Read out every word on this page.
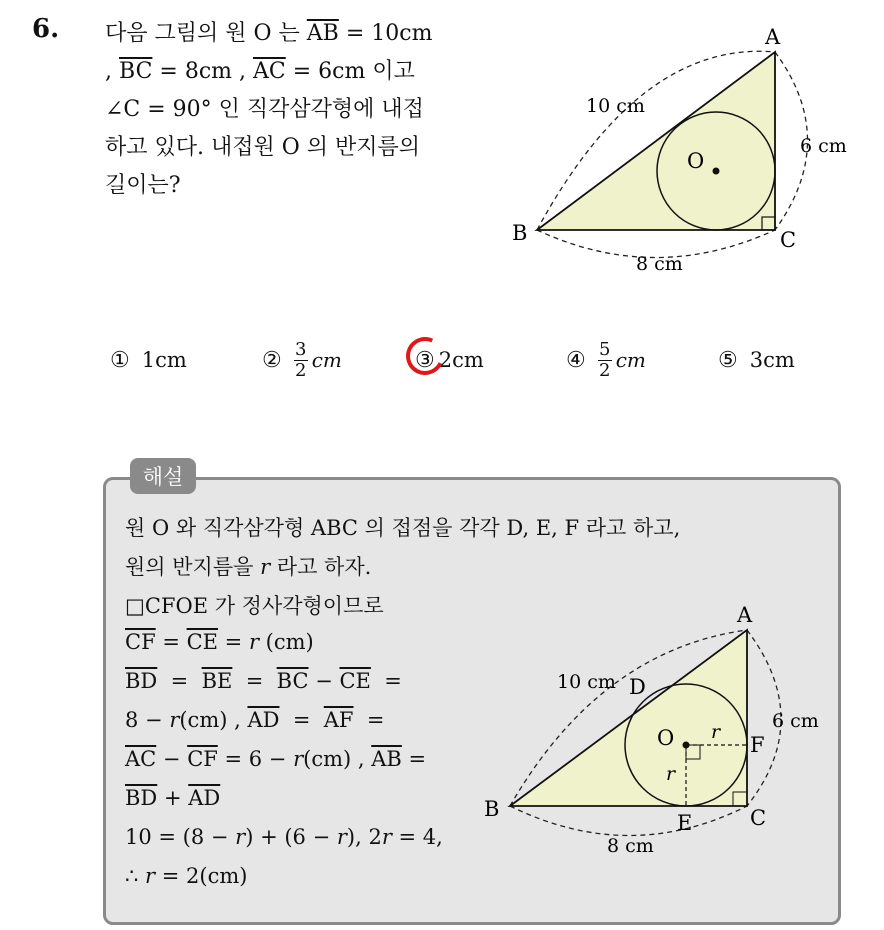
6. 다음 그림의 원 O 는 $\overline{AB} = 10cm$
, $\overline{BC} = 8cm$ , $\overline{AC} = 6cm$ 이고
∠C = 90° 인 직각삼각형에 내접
하고 있다. 내접원 O 의 반지름의
길이는?
A
B	C
O
10 cm
6 cm
8 cm
① 1cm	② $\frac{3}{2}$ cm	③ 2cm	④ $\frac{5}{2}$ cm	⑤ 3cm
해설
원 O 와 직각삼각형 ABC 의 접점을 각각 D, E, F 라고 하고,
원의 반지름을 r 라고 하자.
□CFOE 가 정사각형이므로
$\overline{CF} = \overline{CE} = r$ (cm)
$\overline{BD} = \overline{BE} = \overline{BC} - \overline{CE}$  =
8 − r(cm) , $\overline{AD} = \overline{AF}$  =
$\overline{AC} - \overline{CF} = 6 - r(cm)$ , $\overline{AB}$ =
$\overline{BD} + \overline{AD}$
10 = (8 − r) + (6 − r), 2r = 4,
∴ r = 2(cm)
A
B	C
D
E
F
O r
r
10 cm
6 cm
8 cm
